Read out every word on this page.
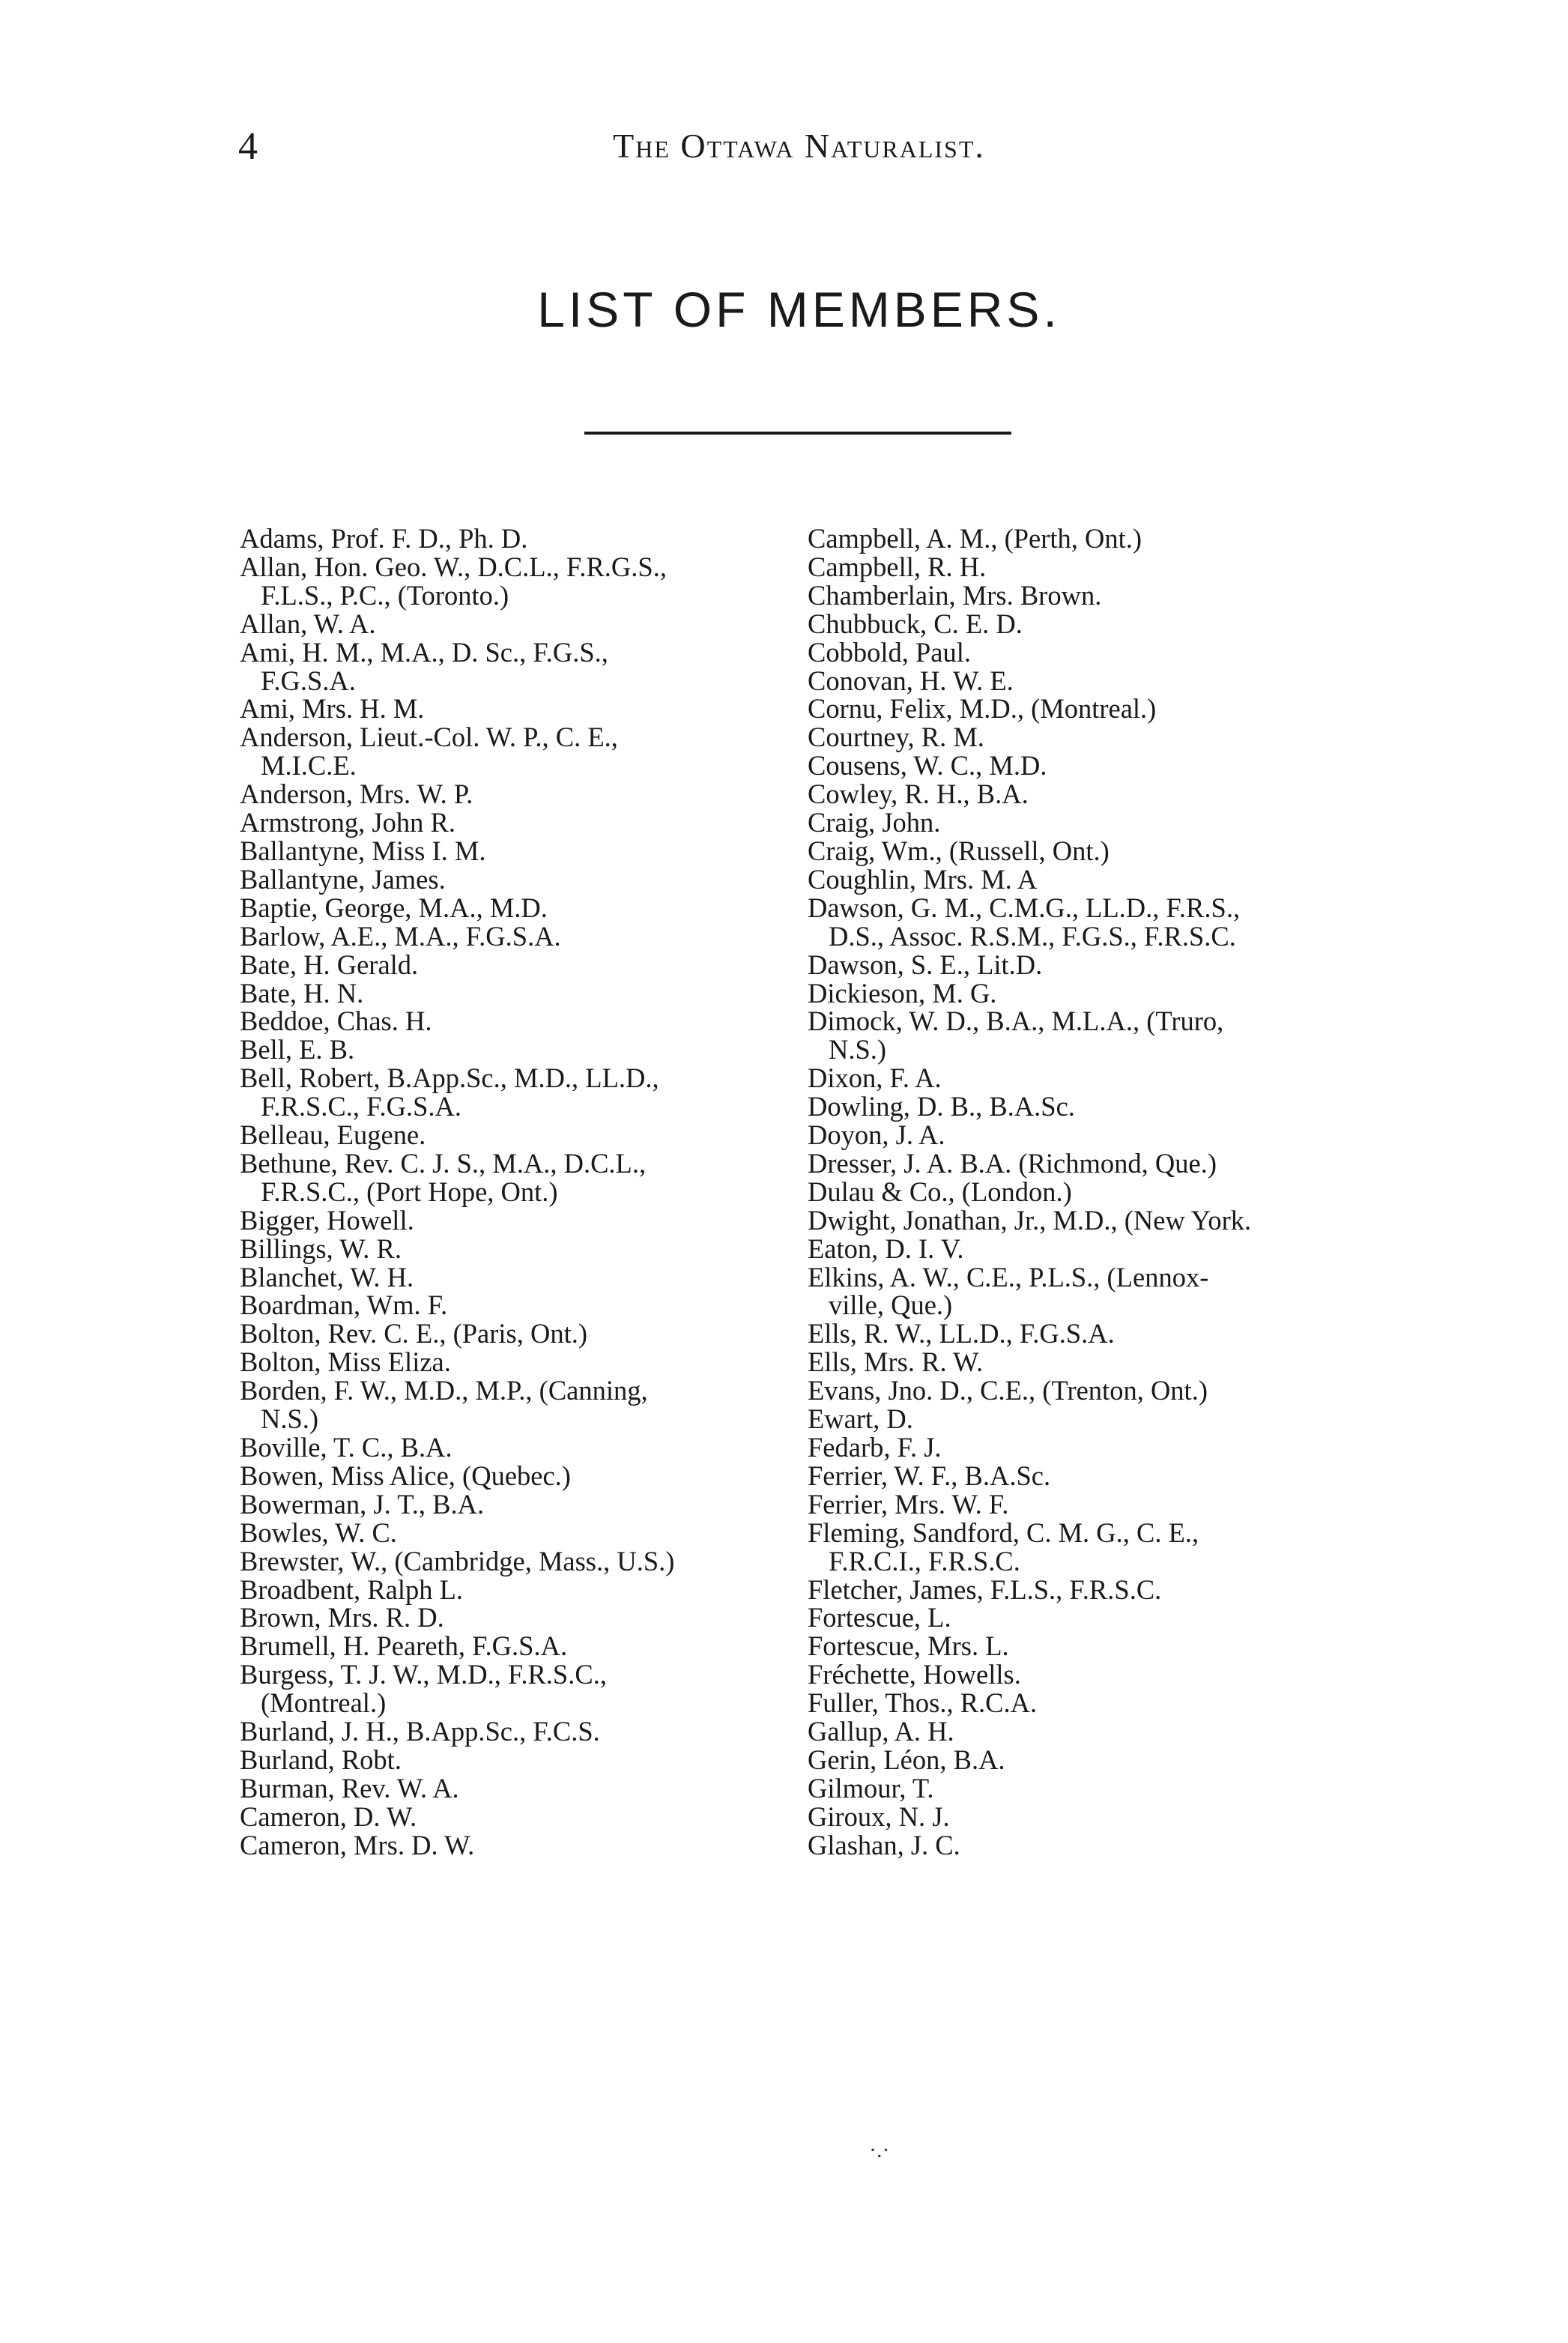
4	The Ottawa Naturalist.
LIST OF MEMBERS.
Adams, Prof. F. D., Ph. D.
Allan, Hon. Geo. W., D.C.L., F.R.G.S.,
F.L.S., P.C., (Toronto.)
Allan, W. A.
Ami, H. M., M.A., D. Sc., F.G.S.,
F.G.S.A.
Ami, Mrs. H. M.
Anderson, Lieut.-Col. W. P., C. E.,
M.I.C.E.
Anderson, Mrs. W. P.
Armstrong, John R.
Ballantyne, Miss I. M.
Ballantyne, James.
Baptie, George, M.A., M.D.
Barlow, A.E., M.A., F.G.S.A.
Bate, H. Gerald.
Bate, H. N.
Beddoe, Chas. H.
Bell, E. B.
Bell, Robert, B.App.Sc., M.D., LL.D.,
F.R.S.C., F.G.S.A.
Belleau, Eugene.
Bethune, Rev. C. J. S., M.A., D.C.L.,
F.R.S.C., (Port Hope, Ont.)
Bigger, Howell.
Billings, W. R.
Blanchet, W. H.
Boardman, Wm. F.
Bolton, Rev. C. E., (Paris, Ont.)
Bolton, Miss Eliza.
Borden, F. W., M.D., M.P., (Canning,
N.S.)
Boville, T. C., B.A.
Bowen, Miss Alice, (Quebec.)
Bowerman, J. T., B.A.
Bowles, W. C.
Brewster, W., (Cambridge, Mass., U.S.)
Broadbent, Ralph L.
Brown, Mrs. R. D.
Brumell, H. Peareth, F.G.S.A.
Burgess, T. J. W., M.D., F.R.S.C.,
(Montreal.)
Burland, J. H., B.App.Sc., F.C.S.
Burland, Robt.
Burman, Rev. W. A.
Cameron, D. W.
Cameron, Mrs. D. W.
Campbell, A. M., (Perth, Ont.)
Campbell, R. H.
Chamberlain, Mrs. Brown.
Chubbuck, C. E. D.
Cobbold, Paul.
Conovan, H. W. E.
Cornu, Felix, M.D., (Montreal.)
Courtney, R. M.
Cousens, W. C., M.D.
Cowley, R. H., B.A.
Craig, John.
Craig, Wm., (Russell, Ont.)
Coughlin, Mrs. M. A
Dawson, G. M., C.M.G., LL.D., F.R.S.,
D.S., Assoc. R.S.M., F.G.S., F.R.S.C.
Dawson, S. E., Lit.D.
Dickieson, M. G.
Dimock, W. D., B.A., M.L.A., (Truro,
N.S.)
Dixon, F. A.
Dowling, D. B., B.A.Sc.
Doyon, J. A.
Dresser, J. A. B.A. (Richmond, Que.)
Dulau & Co., (London.)
Dwight, Jonathan, Jr., M.D., (New York.
Eaton, D. I. V.
Elkins, A. W., C.E., P.L.S., (Lennox-
ville, Que.)
Ells, R. W., LL.D., F.G.S.A.
Ells, Mrs. R. W.
Evans, Jno. D., C.E., (Trenton, Ont.)
Ewart, D.
Fedarb, F. J.
Ferrier, W. F., B.A.Sc.
Ferrier, Mrs. W. F.
Fleming, Sandford, C. M. G., C. E.,
F.R.C.I., F.R.S.C.
Fletcher, James, F.L.S., F.R.S.C.
Fortescue, L.
Fortescue, Mrs. L.
Fréchette, Howells.
Fuller, Thos., R.C.A.
Gallup, A. H.
Gerin, Léon, B.A.
Gilmour, T.
Giroux, N. J.
Glashan, J. C.
·.·
